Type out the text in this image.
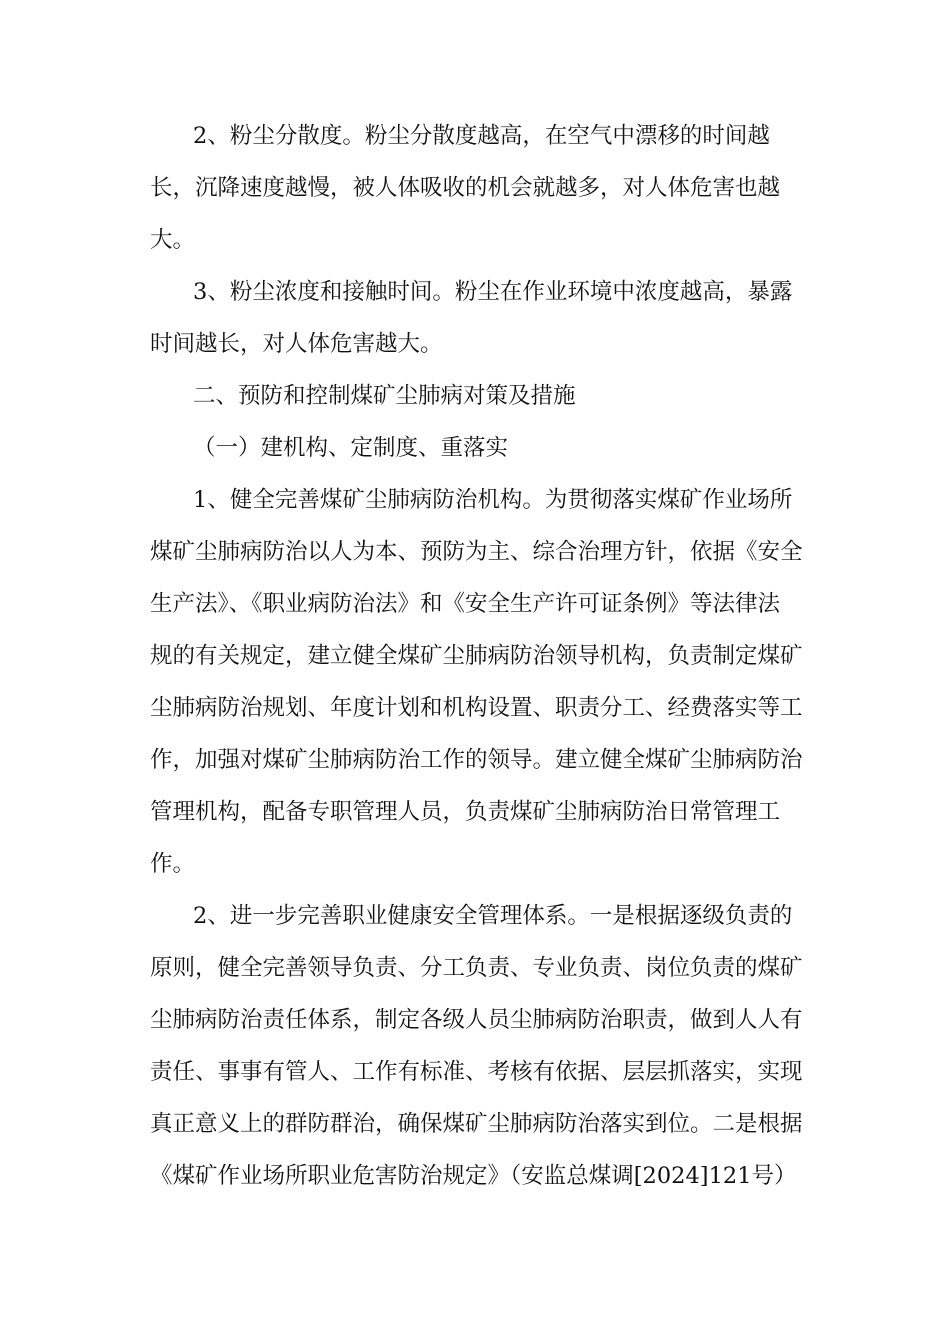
2、粉尘分散度。粉尘分散度越高，在空气中漂移的时间越
长，沉降速度越慢，被人体吸收的机会就越多，对人体危害也越
大。
3、粉尘浓度和接触时间。粉尘在作业环境中浓度越高，暴露
时间越长，对人体危害越大。
二、预防和控制煤矿尘肺病对策及措施
（一）建机构、定制度、重落实
1、健全完善煤矿尘肺病防治机构。为贯彻落实煤矿作业场所
煤矿尘肺病防治以人为本、预防为主、综合治理方针，依据《安全
生产法》、《职业病防治法》和《安全生产许可证条例》等法律法
规的有关规定，建立健全煤矿尘肺病防治领导机构，负责制定煤矿
尘肺病防治规划、年度计划和机构设置、职责分工、经费落实等工
作，加强对煤矿尘肺病防治工作的领导。建立健全煤矿尘肺病防治
管理机构，配备专职管理人员，负责煤矿尘肺病防治日常管理工
作。
2、进一步完善职业健康安全管理体系。一是根据逐级负责的
原则，健全完善领导负责、分工负责、专业负责、岗位负责的煤矿
尘肺病防治责任体系，制定各级人员尘肺病防治职责，做到人人有
责任、事事有管人、工作有标准、考核有依据、层层抓落实，实现
真正意义上的群防群治，确保煤矿尘肺病防治落实到位。二是根据
《煤矿作业场所职业危害防治规定》（安监总煤调[2024]121号）
